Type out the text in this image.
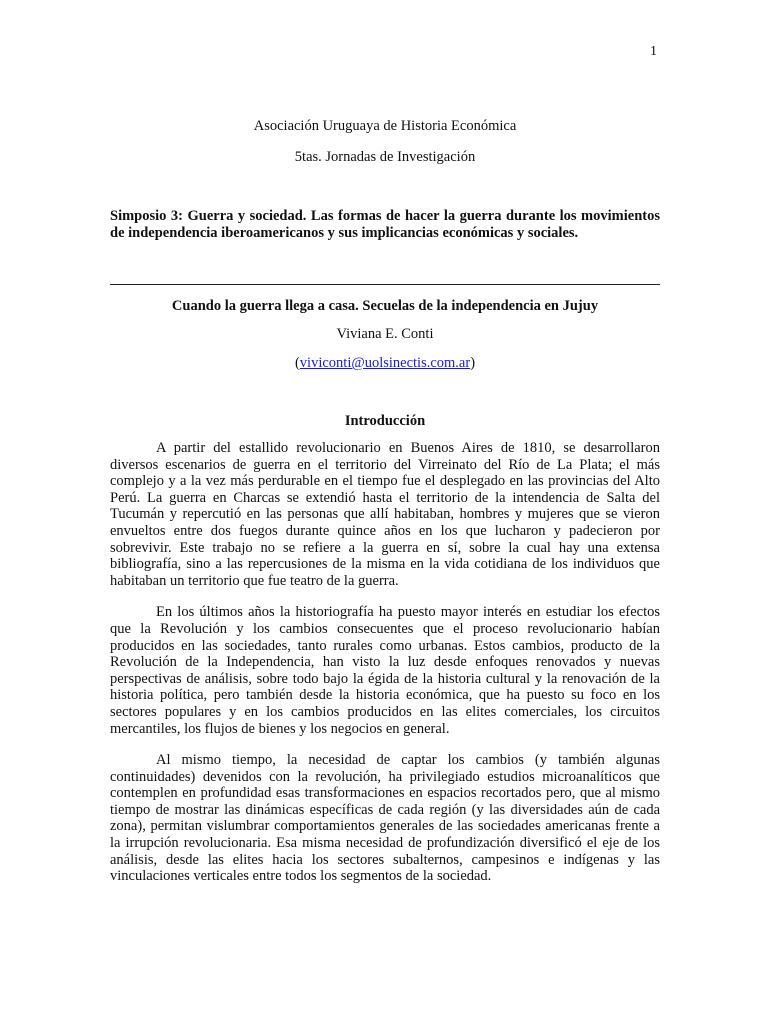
1

Asociación Uruguaya de Historia Económica

5tas. Jornadas de Investigación

Simposio 3: Guerra y sociedad. Las formas de hacer la guerra durante los movimientos de independencia iberoamericanos y sus implicancias económicas y sociales.

Cuando la guerra llega a casa. Secuelas de la independencia en Jujuy

Viviana E. Conti

(viviconti@uolsinectis.com.ar)

Introducción

A partir del estallido revolucionario en Buenos Aires de 1810, se desarrollaron diversos escenarios de guerra en el territorio del Virreinato del Río de La Plata; el más complejo y a la vez más perdurable en el tiempo fue el desplegado en las provincias del Alto Perú. La guerra en Charcas se extendió hasta el territorio de la intendencia de Salta del Tucumán y repercutió en las personas que allí habitaban, hombres y mujeres que se vieron envueltos entre dos fuegos durante quince años en los que lucharon y padecieron por sobrevivir. Este trabajo no se refiere a la guerra en sí, sobre la cual hay una extensa bibliografía, sino a las repercusiones de la misma en la vida cotidiana de los individuos que habitaban un territorio que fue teatro de la guerra.

En los últimos años la historiografía ha puesto mayor interés en estudiar los efectos que la Revolución y los cambios consecuentes que el proceso revolucionario habían producidos en las sociedades, tanto rurales como urbanas. Estos cambios, producto de la Revolución de la Independencia, han visto la luz desde enfoques renovados y nuevas perspectivas de análisis, sobre todo bajo la égida de la historia cultural y la renovación de la historia política, pero también desde la historia económica, que ha puesto su foco en los sectores populares y en los cambios producidos en las elites comerciales, los circuitos mercantiles, los flujos de bienes y los negocios en general.

Al mismo tiempo, la necesidad de captar los cambios (y también algunas continuidades) devenidos con la revolución, ha privilegiado estudios microanalíticos que contemplen en profundidad esas transformaciones en espacios recortados pero, que al mismo tiempo de mostrar las dinámicas específicas de cada región (y las diversidades aún de cada zona), permitan vislumbrar comportamientos generales de las sociedades americanas frente a la irrupción revolucionaria. Esa misma necesidad de profundización diversificó el eje de los análisis, desde las elites hacia los sectores subalternos, campesinos e indígenas y las vinculaciones verticales entre todos los segmentos de la sociedad.
